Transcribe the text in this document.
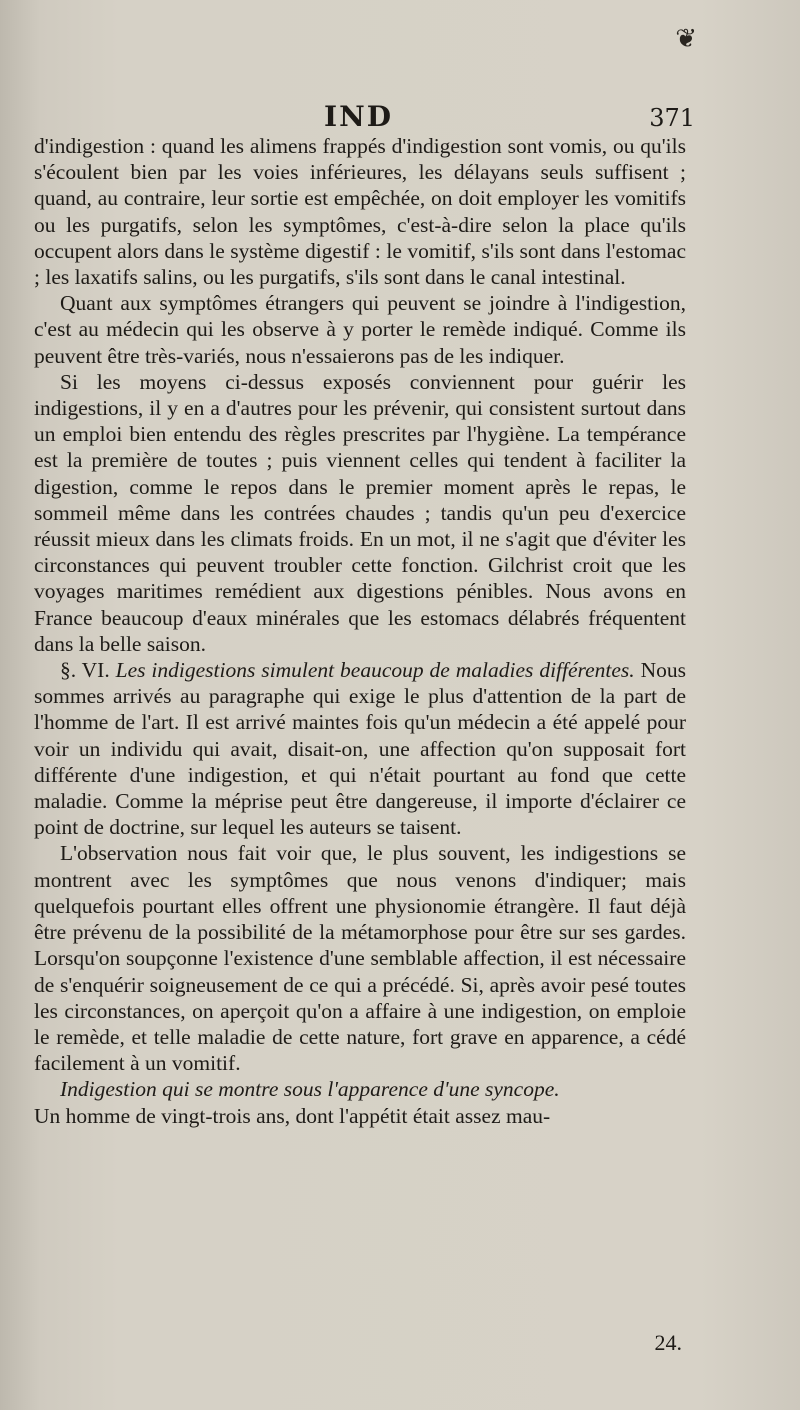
❦
IND	371

d'indigestion : quand les alimens frappés d'indigestion sont vomis, ou qu'ils s'écoulent bien par les voies inférieures, les délayans seuls suffisent ; quand, au contraire, leur sortie est empêchée, on doit employer les vomitifs ou les purgatifs, selon les symptômes, c'est-à-dire selon la place qu'ils occupent alors dans le système digestif : le vomitif, s'ils sont dans l'estomac ; les laxatifs salins, ou les purgatifs, s'ils sont dans le canal intestinal.

Quant aux symptômes étrangers qui peuvent se joindre à l'indigestion, c'est au médecin qui les observe à y porter le remède indiqué. Comme ils peuvent être très-variés, nous n'essaierons pas de les indiquer.

Si les moyens ci-dessus exposés conviennent pour guérir les indigestions, il y en a d'autres pour les prévenir, qui consistent surtout dans un emploi bien entendu des règles prescrites par l'hygiène. La tempérance est la première de toutes ; puis viennent celles qui tendent à faciliter la digestion, comme le repos dans le premier moment après le repas, le sommeil même dans les contrées chaudes ; tandis qu'un peu d'exercice réussit mieux dans les climats froids. En un mot, il ne s'agit que d'éviter les circonstances qui peuvent troubler cette fonction. Gilchrist croit que les voyages maritimes remédient aux digestions pénibles. Nous avons en France beaucoup d'eaux minérales que les estomacs délabrés fréquentent dans la belle saison.

§. VI. Les indigestions simulent beaucoup de maladies différentes. Nous sommes arrivés au paragraphe qui exige le plus d'attention de la part de l'homme de l'art. Il est arrivé maintes fois qu'un médecin a été appelé pour voir un individu qui avait, disait-on, une affection qu'on supposait fort différente d'une indigestion, et qui n'était pourtant au fond que cette maladie. Comme la méprise peut être dangereuse, il importe d'éclairer ce point de doctrine, sur lequel les auteurs se taisent.

L'observation nous fait voir que, le plus souvent, les indigestions se montrent avec les symptômes que nous venons d'indiquer; mais quelquefois pourtant elles offrent une physionomie étrangère. Il faut déjà être prévenu de la possibilité de la métamorphose pour être sur ses gardes. Lorsqu'on soupçonne l'existence d'une semblable affection, il est nécessaire de s'enquérir soigneusement de ce qui a précédé. Si, après avoir pesé toutes les circonstances, on aperçoit qu'on a affaire à une indigestion, on emploie le remède, et telle maladie de cette nature, fort grave en apparence, a cédé facilement à un vomitif.

Indigestion qui se montre sous l'apparence d'une syncope.

Un homme de vingt-trois ans, dont l'appétit était assez mau-

24.
